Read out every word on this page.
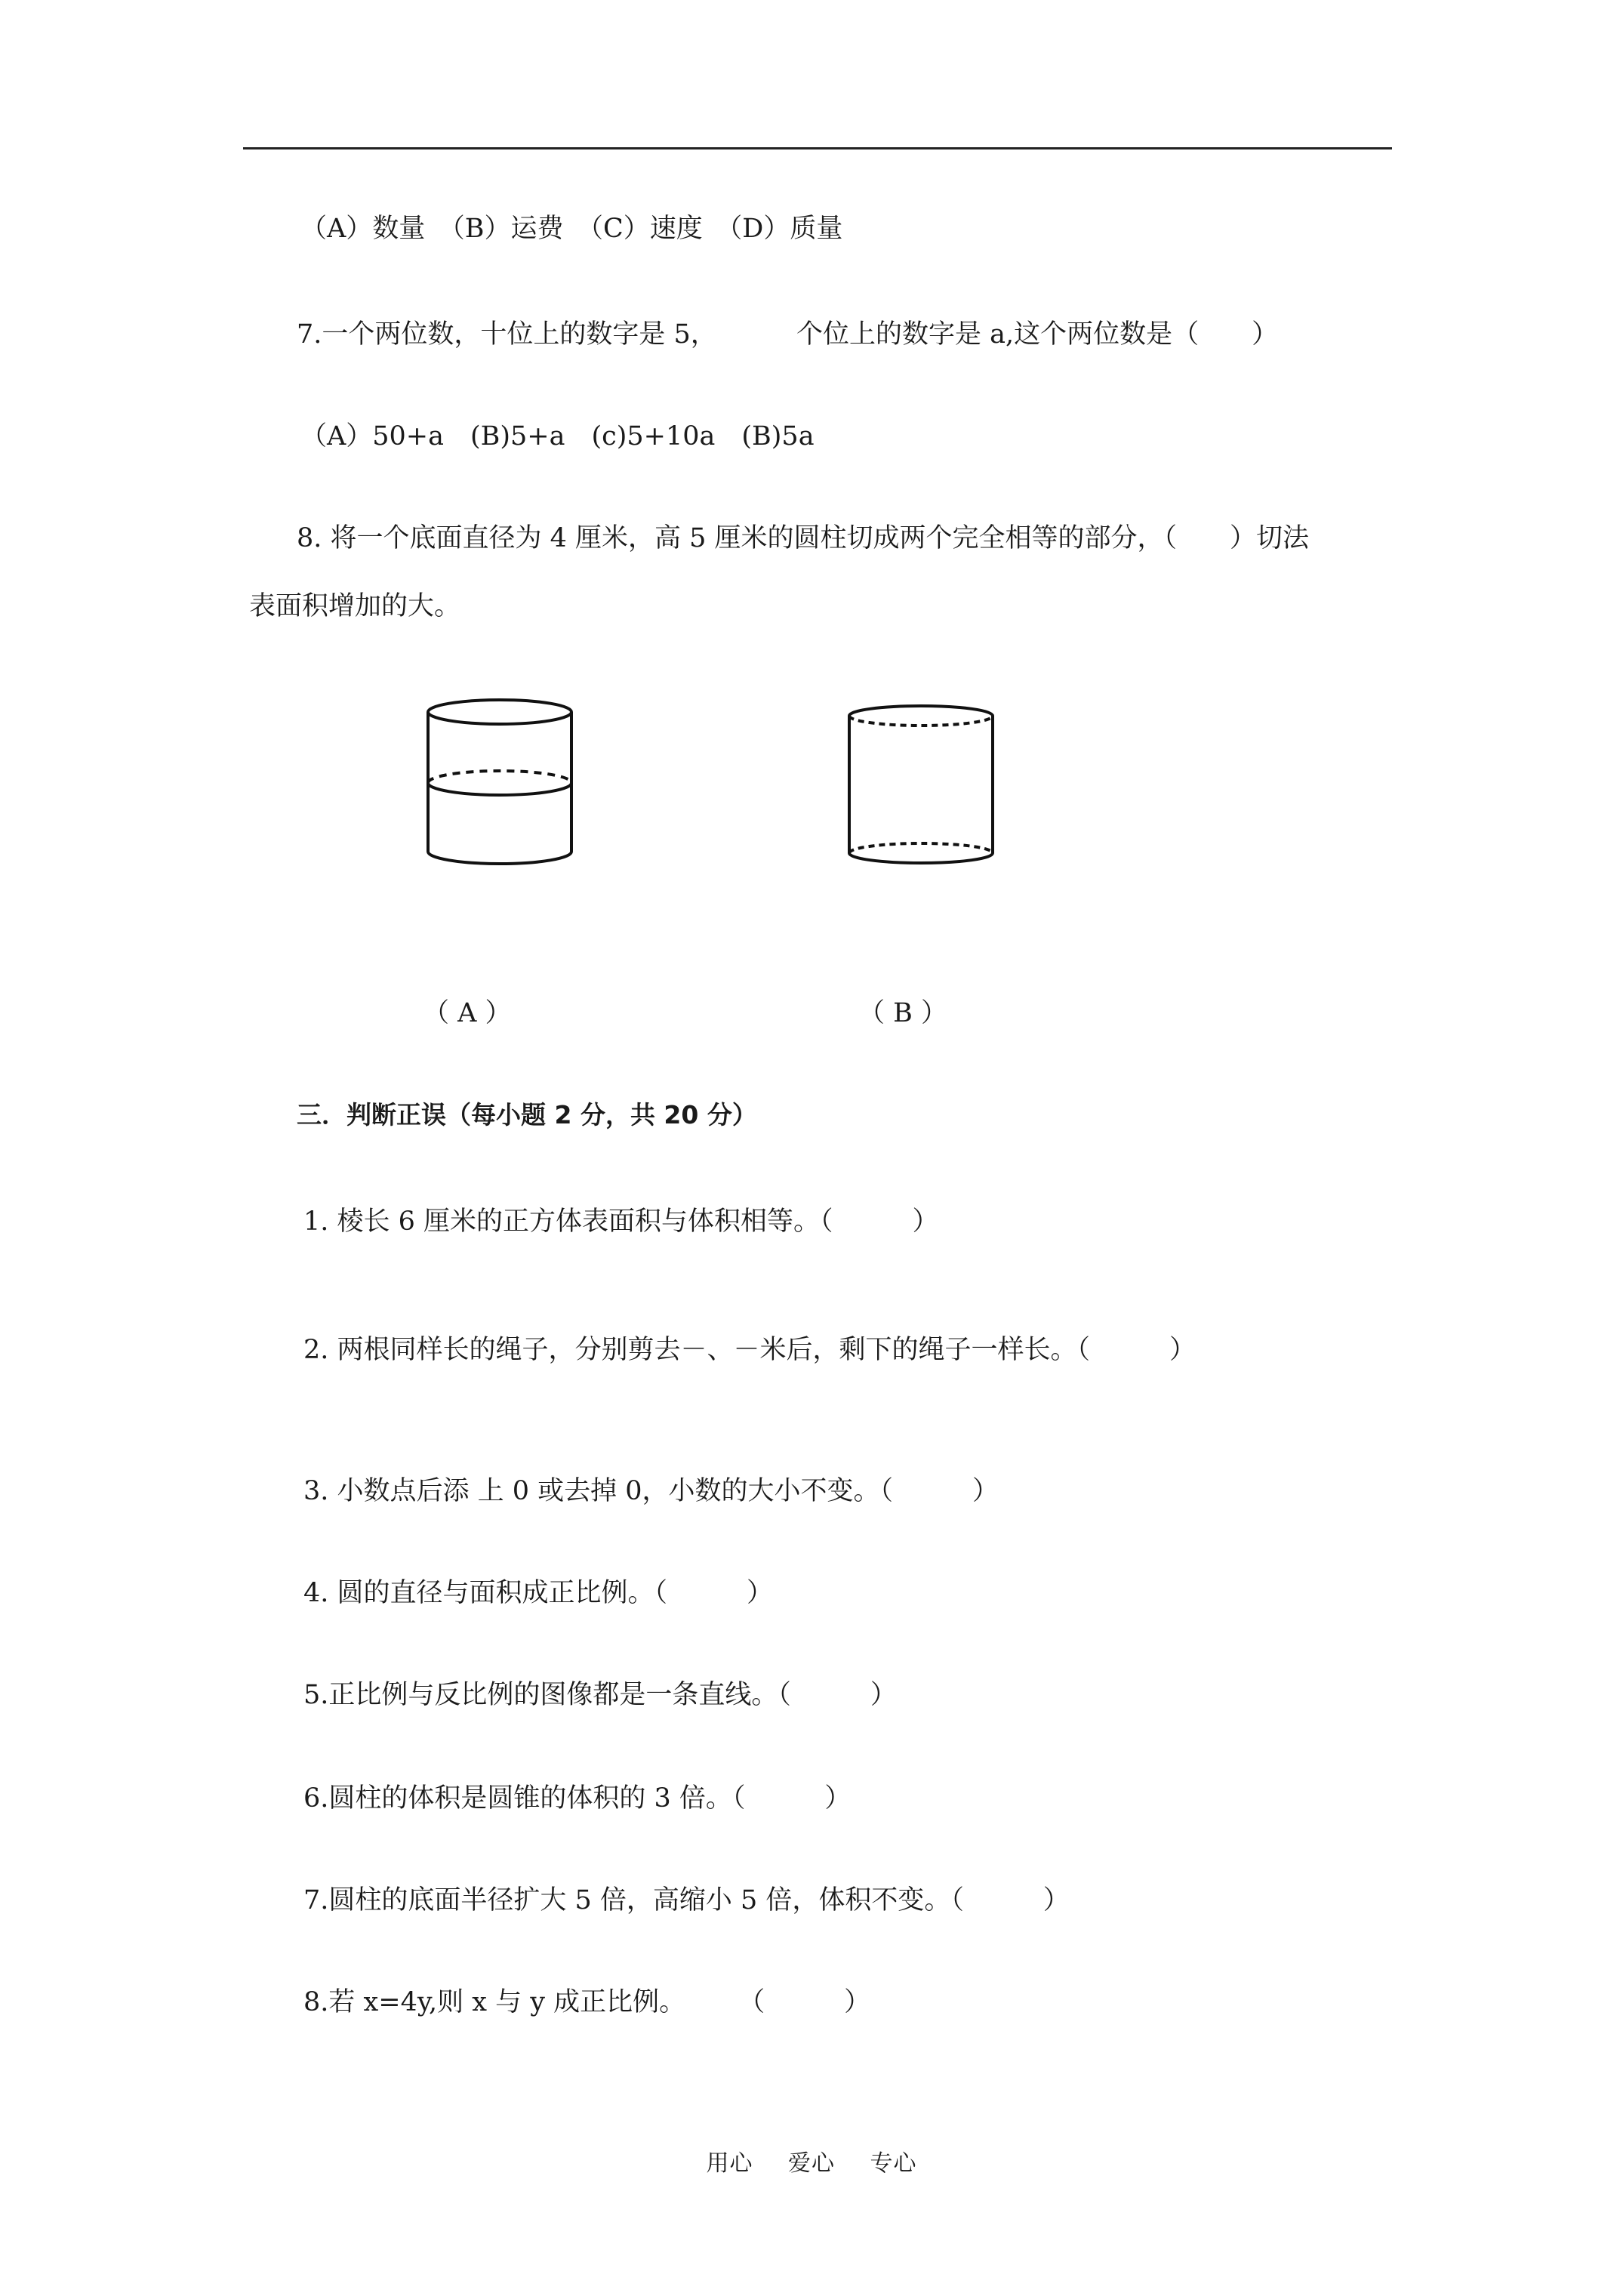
（A）数量　（B）运费　（C）速度　（D）质量
7.一个两位数，十位上的数字是 5，	个位上的数字是 a,这个两位数是（　　）
（A）50+a　(B)5+a　(c)5+10a　(B)5a
8. 将一个底面直径为 4 厘米，高 5 厘米的圆柱切成两个完全相等的部分，（　　）切法
表面积增加的大。
（ A ）	（ B ）
三．判断正误（每小题 2 分，共 20 分）
1. 棱长 6 厘米的正方体表面积与体积相等。（　　　）
2. 两根同样长的绳子，分别剪去－、－米后，剩下的绳子一样长。（　　　）
3. 小数点后添 上 0 或去掉 0，小数的大小不变。（　　　）
4. 圆的直径与面积成正比例。（　　　）
5.正比例与反比例的图像都是一条直线。（　　　）
6.圆柱的体积是圆锥的体积的 3 倍。（　　　）
7.圆柱的底面半径扩大 5 倍，高缩小 5 倍，体积不变。（　　　）
8.若 x=4y,则 x 与 y 成正比例。　　　（　　　）
用心 爱心 专心
